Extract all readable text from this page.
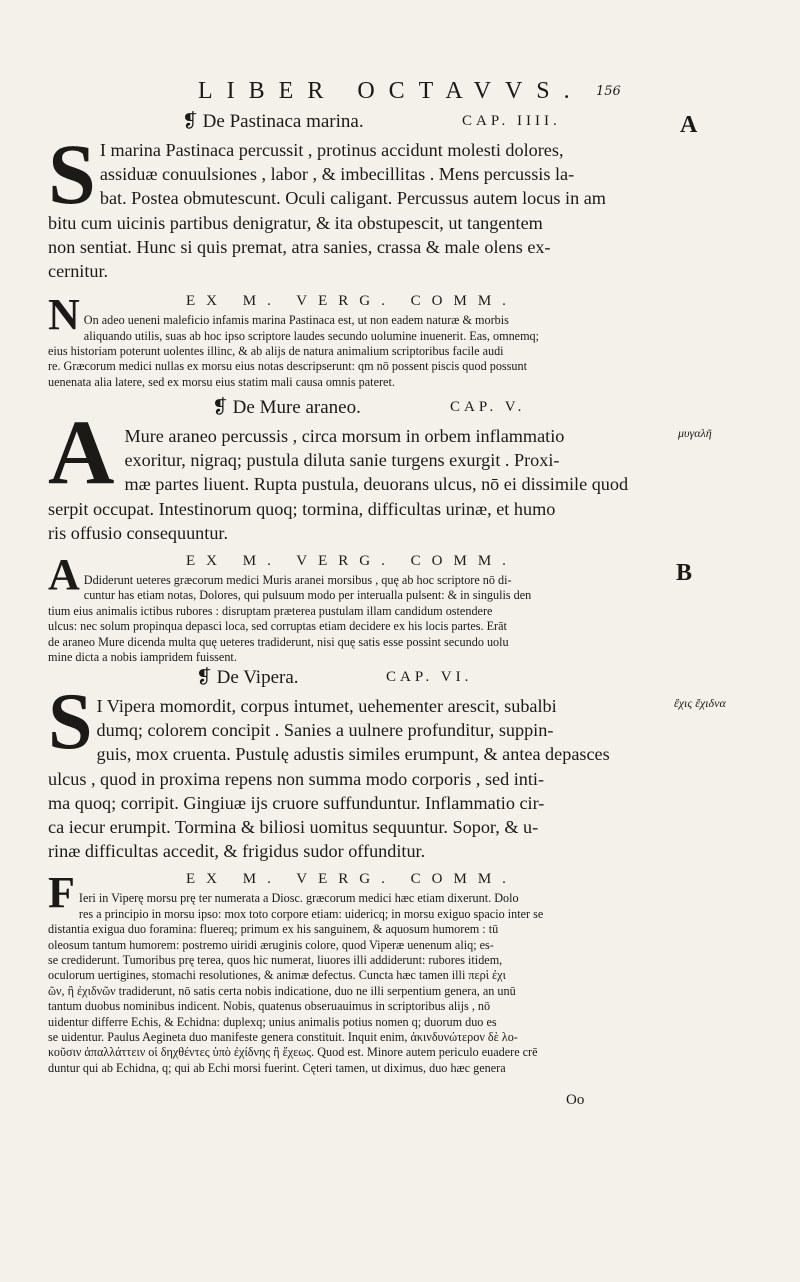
LIBER OCTAVVS. 156
A
B
μυγαλῆ
ἔχις ἔχιδνα
❡ De Pastinaca marina.	CAP. IIII.
S I marina Pastinaca percussit , protinus accidunt molesti dolores,

assiduæ conuulsiones , labor , & imbecillitas . Mens percussis la-

bat. Postea obmutescunt. Oculi caligant. Percussus autem locus in am

bitu cum uicinis partibus denigratur, & ita obstupescit, ut tangentem

non sentiat. Hunc si quis premat, atra sanies, crassa & male olens ex-

cernitur.

EX M. VERG. COMM.
N On adeo ueneni maleficio infamis marina Pastinaca est, ut non eadem naturæ & morbis

aliquando utilis, suas ab hoc ipso scriptore laudes secundo uolumine inuenerit. Eas, omnemq;

eius historiam poterunt uolentes illinc, & ab alijs de natura animalium scriptoribus facile audi

re. Græcorum medici nullas ex morsu eius notas descripserunt: qm nō possent piscis quod possunt

uenenata alia latere, sed ex morsu eius statim mali causa omnis pateret.

❡ De Mure araneo.	CAP. V.
A Mure araneo percussis , circa morsum in orbem inflammatio

exoritur, nigraq; pustula diluta sanie turgens exurgit . Proxi-

mæ partes liuent. Rupta pustula, deuorans ulcus, nō ei dissimile quod

serpit occupat. Intestinorum quoq; tormina, difficultas urinæ, et humo

ris offusio consequuntur.

EX M. VERG. COMM.
A Ddiderunt ueteres græcorum medici Muris aranei morsibus , quę ab hoc scriptore nō di-

cuntur has etiam notas, Dolores, qui pulsuum modo per interualla pulsent: & in singulis den

tium eius animalis ictibus rubores : disruptam præterea pustulam illam candidum ostendere

ulcus: nec solum propinqua depasci loca, sed corruptas etiam decidere ex his locis partes. Erāt

de araneo Mure dicenda multa quę ueteres tradiderunt, nisi quę satis esse possint secundo uolu

mine dicta a nobis iampridem fuissent.

❡ De Vipera.	CAP. VI.
S I Vipera momordit, corpus intumet, uehementer arescit, subalbi

dumq; colorem concipit . Sanies a uulnere profunditur, suppin-

guis, mox cruenta. Pustulę adustis similes erumpunt, & antea depasces

ulcus , quod in proxima repens non summa modo corporis , sed inti-

ma quoq; corripit. Gingiuæ ijs cruore suffunduntur. Inflammatio cir-

ca iecur erumpit. Tormina & biliosi uomitus sequuntur. Sopor, & u-

rinæ difficultas accedit, & frigidus sudor offunditur.

EX M. VERG. COMM.
F Ieri in Viperę morsu prę ter numerata a Diosc. græcorum medici hæc etiam dixerunt. Dolo

res a principio in morsu ipso: mox toto corpore etiam: uidericq; in morsu exiguo spacio inter se

distantia exigua duo foramina: fluereq; primum ex his sanguinem, & aquosum humorem : tū

oleosum tantum humorem: postremo uiridi æruginis colore, quod Viperæ uenenum aliq; es-

se crediderunt. Tumoribus prę terea, quos hic numerat, liuores illi addiderunt: rubores itidem,

oculorum uertigines, stomachi resolutiones, & animæ defectus. Cuncta hæc tamen illi περὶ ἐχι

ῶν, ἢ ἐχιδνῶν tradiderunt, nō satis certa nobis indicatione, duo ne illi serpentium genera, an unū

tantum duobus nominibus indicent. Nobis, quatenus obseruauimus in scriptoribus alijs , nō

uidentur differre Echis, & Echidna: duplexq; unius animalis potius nomen q; duorum duo es

se uidentur. Paulus Aegineta duo manifeste genera constituit. Inquit enim, ἀκινδυνώτερον δὲ λο-

κοῦσιν ἀπαλλάττειν οἱ δηχθέντες ὑπὸ ἐχίδνης ἢ ἔχεως. Quod est. Minore autem periculo euadere crē

duntur qui ab Echidna, q; qui ab Echi morsi fuerint. Cęteri tamen, ut diximus, duo hæc genera

Oo
